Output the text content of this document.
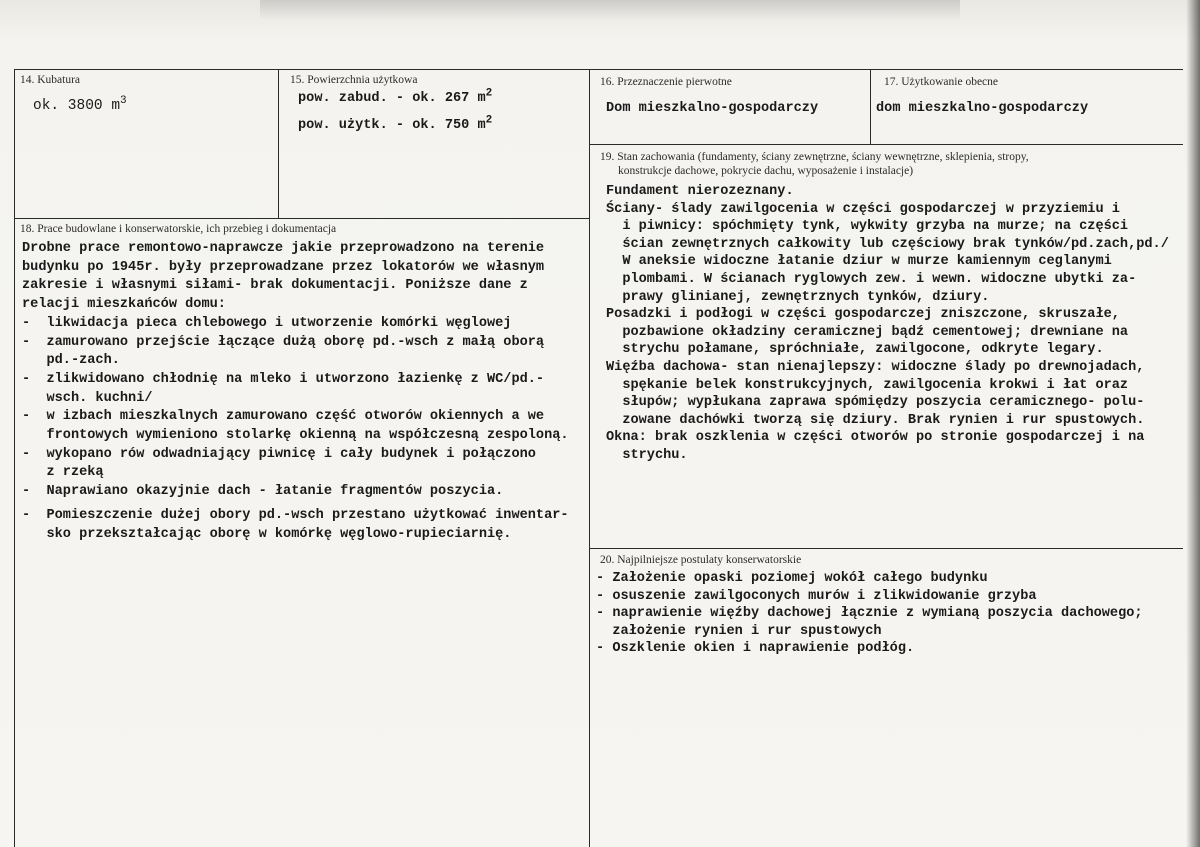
14. Kubatura
ok. 3800 $m^3$
15. Powierzchnia użytkowa
pow. zabud. - ok. 267 $m^2$
pow. użytk. - ok. 750 $m^2$
16. Przeznaczenie pierwotne
Dom mieszkalno-gospodarczy
17. Użytkowanie obecne
dom mieszkalno-gospodarczy
18. Prace budowlane i konserwatorskie, ich przebieg i dokumentacja
Drobne prace remontowo-naprawcze jakie przeprowadzono na terenie
budynku po 1945r. były przeprowadzane przez lokatorów we własnym
zakresie i własnymi siłami- brak dokumentacji. Poniższe dane z
relacji mieszkańców domu:
-  likwidacja pieca chlebowego i utworzenie komórki węglowej
-  zamurowano przejście łączące dużą oborę pd.-wsch z małą oborą
pd.-zach.
-  zlikwidowano chłodnię na mleko i utworzono łazienkę z WC/pd.-
wsch. kuchni/
-  w izbach mieszkalnych zamurowano część otworów okiennych a we
frontowych wymieniono stolarkę okienną na współczesną zespoloną.
-  wykopano rów odwadniający piwnicę i cały budynek i połączono
z rzeką
-  Naprawiano okazyjnie dach - łatanie fragmentów poszycia.
-  Pomieszczenie dużej obory pd.-wsch przestano użytkować inwentar-
sko przekształcając oborę w komórkę węglowo-rupieciarnię.
19. Stan zachowania (fundamenty, ściany zewnętrzne, ściany wewnętrzne, sklepienia, stropy,
konstrukcje dachowe, pokrycie dachu, wyposażenie i instalacje)
Fundament nierozeznany.
Ściany- ślady zawilgocenia w części gospodarczej w przyziemiu i
i piwnicy: spóchmięty tynk, wykwity grzyba na murze; na części
ścian zewnętrznych całkowity lub częściowy brak tynków/pd.zach,pd./
W aneksie widoczne łatanie dziur w murze kamiennym ceglanymi
plombami. W ścianach ryglowych zew. i wewn. widoczne ubytki za-
prawy glinianej, zewnętrznych tynków, dziury.
Posadzki i podłogi w części gospodarczej zniszczone, skruszałe,
pozbawione okładziny ceramicznej bądź cementowej; drewniane na
strychu połamane, spróchniałe, zawilgocone, odkryte legary.
Więźba dachowa- stan nienajlepszy: widoczne ślady po drewnojadach,
spękanie belek konstrukcyjnych, zawilgocenia krokwi i łat oraz
słupów; wypłukana zaprawa spómiędzy poszycia ceramicznego- polu-
zowane dachówki tworzą się dziury. Brak rynien i rur spustowych.
Okna: brak oszklenia w części otworów po stronie gospodarczej i na
strychu.
20. Najpilniejsze postulaty konserwatorskie
- Założenie opaski poziomej wokół całego budynku
- osuszenie zawilgoconych murów i zlikwidowanie grzyba
- naprawienie więźby dachowej łącznie z wymianą poszycia dachowego;
założenie rynien i rur spustowych
- Oszklenie okien i naprawienie podłóg.
